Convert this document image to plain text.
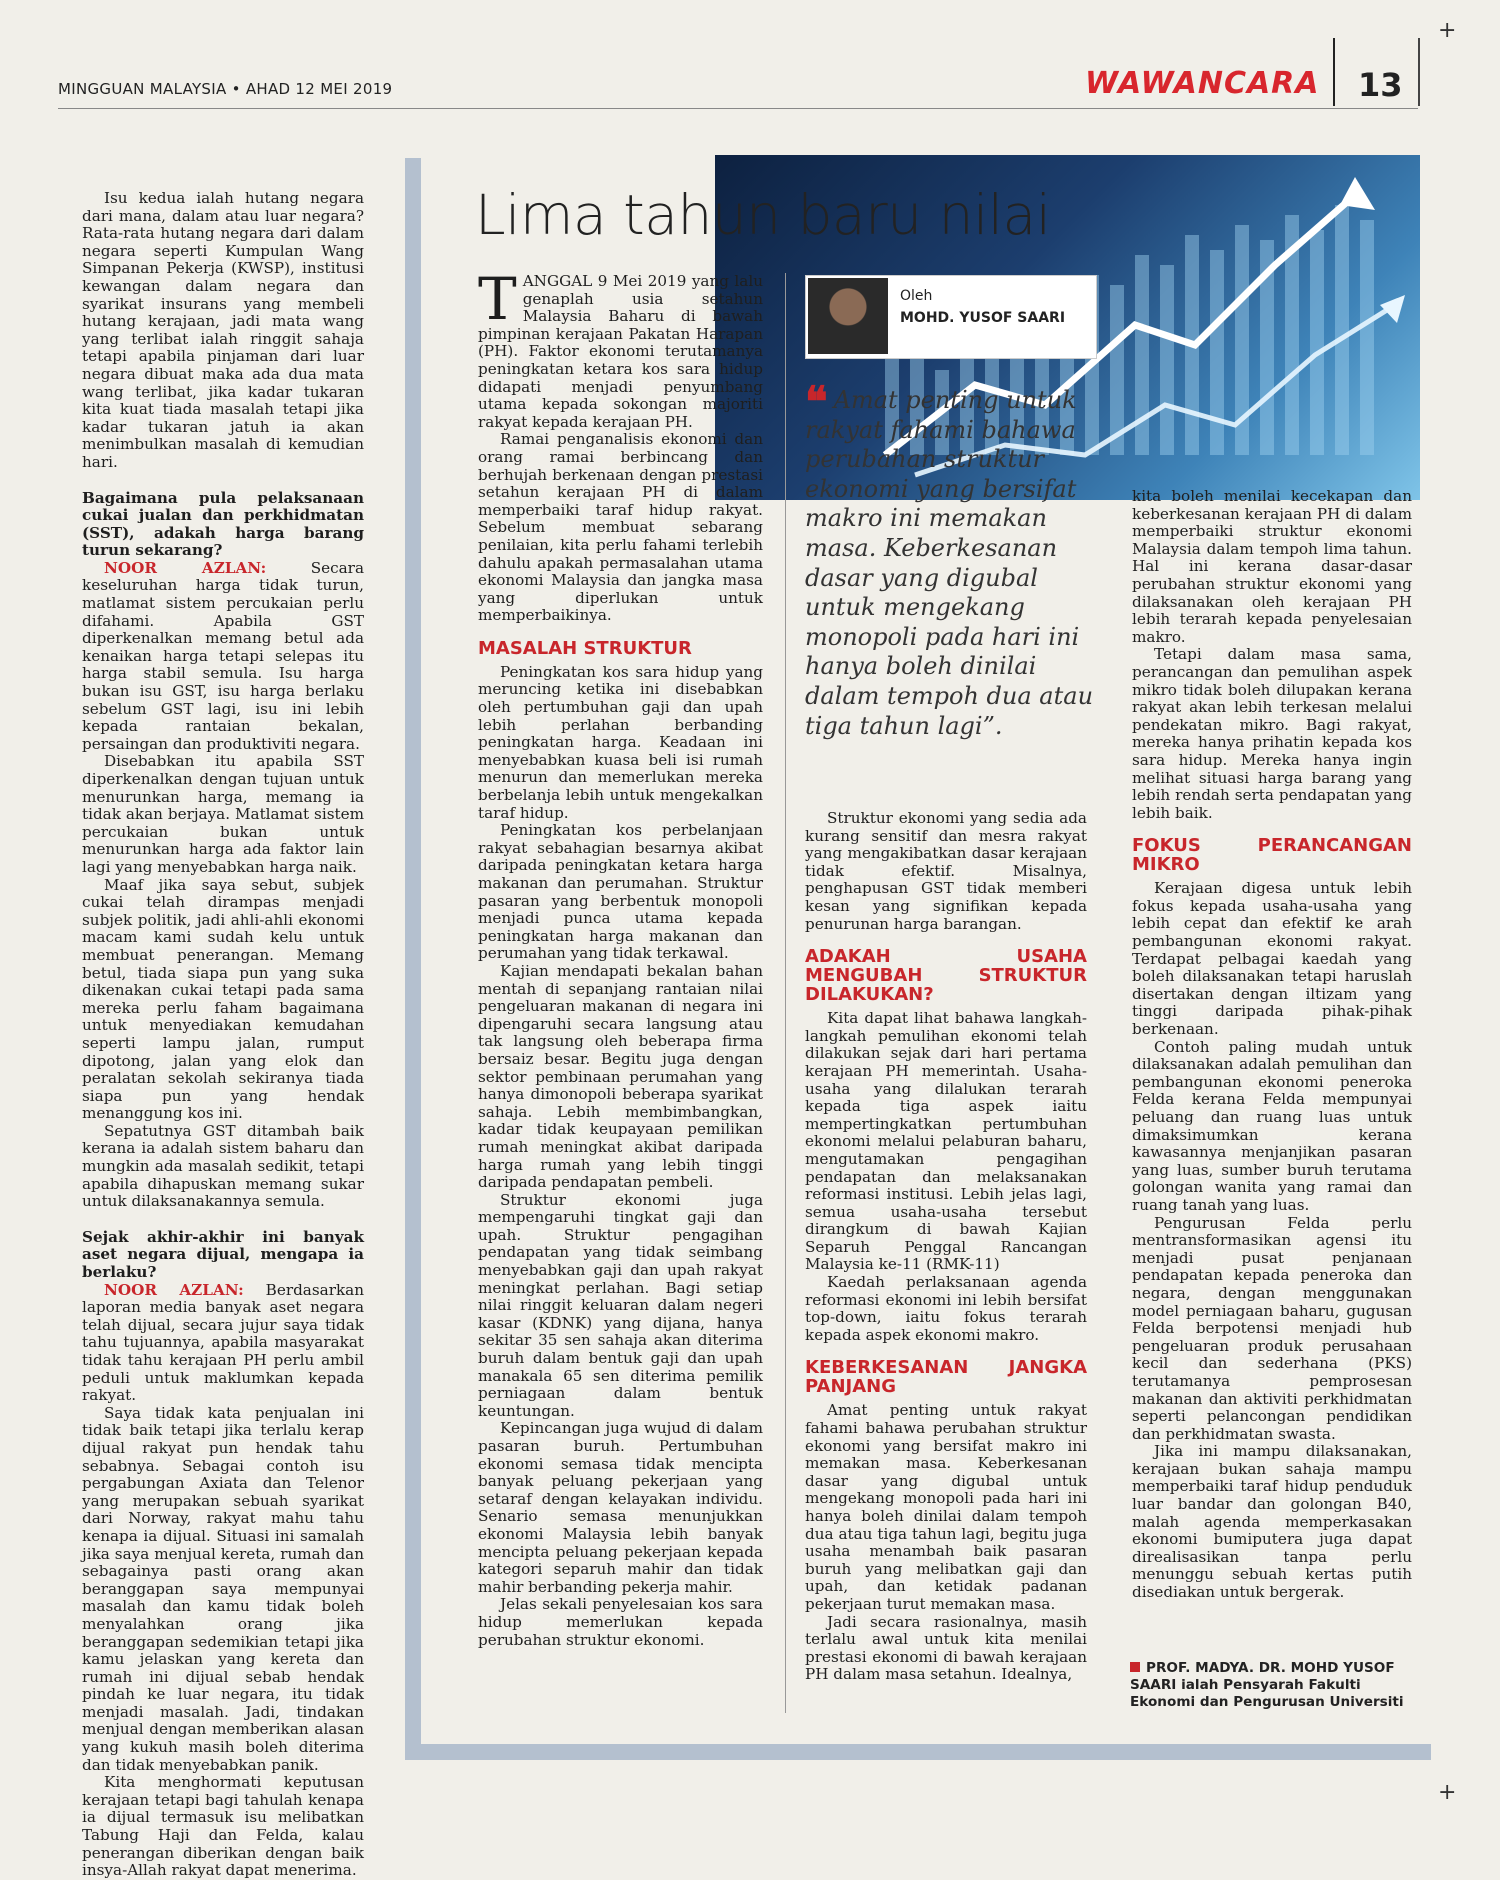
MINGGUAN MALAYSIA • AHAD 12 MEI 2019	WAWANCARA 13
+
+
Lima tahun baru nilai

Isu kedua ialah hutang negara dari mana, dalam atau luar negara? Rata-rata hutang negara dari dalam negara seperti Kumpulan Wang Simpanan Pekerja (KWSP), institusi kewangan dalam negara dan syarikat insurans yang membeli hutang kerajaan, jadi mata wang yang terlibat ialah ringgit sahaja tetapi apabila pinjaman dari luar negara dibuat maka ada dua mata wang terlibat, jika kadar tukaran kita kuat tiada masalah tetapi jika kadar tukaran jatuh ia akan menimbulkan masalah di kemudian hari.

Bagaimana pula pelaksanaan cukai jualan dan perkhidmatan (SST), adakah harga barang turun sekarang?

NOOR AZLAN:	Secara keseluruhan harga tidak turun, matlamat sistem percukaian perlu difahami. Apabila GST diperkenalkan memang betul ada kenaikan harga tetapi selepas itu harga stabil semula. Isu harga bukan isu GST, isu harga berlaku sebelum GST lagi, isu ini lebih kepada rantaian bekalan, persaingan dan produktiviti negara.

Disebabkan itu apabila SST diperkenalkan dengan tujuan untuk menurunkan harga, memang ia tidak akan berjaya. Matlamat sistem percukaian bukan untuk menurunkan harga ada faktor lain lagi yang menyebabkan harga naik.

Maaf jika saya sebut, subjek cukai telah dirampas menjadi subjek politik, jadi ahli-ahli ekonomi macam kami sudah kelu untuk membuat penerangan. Memang betul, tiada siapa pun yang suka dikenakan cukai tetapi pada sama mereka perlu faham bagaimana untuk menyediakan kemudahan seperti lampu jalan, rumput dipotong, jalan yang elok dan peralatan sekolah sekiranya tiada siapa pun yang hendak menanggung kos ini.

Sepatutnya GST ditambah baik kerana ia adalah sistem baharu dan mungkin ada masalah sedikit, tetapi apabila dihapuskan memang sukar untuk dilaksanakannya semula.

Sejak akhir-akhir ini banyak aset negara dijual, mengapa ia berlaku?

NOOR AZLAN: Berdasarkan laporan media banyak aset negara telah dijual, secara jujur saya tidak tahu tujuannya, apabila masyarakat tidak tahu kerajaan PH perlu ambil peduli untuk maklumkan kepada rakyat.

Saya tidak kata penjualan ini tidak baik tetapi jika terlalu kerap dijual rakyat pun hendak tahu sebabnya. Sebagai contoh isu pergabungan Axiata dan Telenor yang merupakan sebuah syarikat dari Norway, rakyat mahu tahu kenapa ia dijual. Situasi ini samalah jika saya menjual kereta, rumah dan sebagainya pasti orang akan beranggapan saya mempunyai masalah dan kamu tidak boleh menyalahkan orang jika beranggapan sedemikian tetapi jika kamu jelaskan yang kereta dan rumah ini dijual sebab hendak pindah ke luar negara, itu tidak menjadi masalah. Jadi, tindakan menjual dengan memberikan alasan yang kukuh masih boleh diterima dan tidak menyebabkan panik.

Kita menghormati keputusan kerajaan tetapi bagi tahulah kenapa ia dijual termasuk isu melibatkan Tabung Haji dan Felda, kalau penerangan diberikan dengan baik insya-Allah rakyat dapat menerima.

TANGGAL 9 Mei 2019 yang lalu genaplah usia setahun Malaysia Baharu di bawah pimpinan kerajaan Pakatan Harapan (PH). Faktor ekonomi terutamanya peningkatan ketara kos sara hidup didapati menjadi penyumbang utama kepada sokongan majoriti rakyat kepada kerajaan PH.

Ramai penganalisis ekonomi dan orang ramai berbincang dan berhujah berkenaan dengan prestasi setahun kerajaan PH di dalam memperbaiki taraf hidup rakyat. Sebelum membuat sebarang penilaian, kita perlu fahami terlebih dahulu apakah permasalahan utama ekonomi Malaysia dan jangka masa yang diperlukan untuk memperbaikinya.

MASALAH STRUKTUR

Peningkatan kos sara hidup yang meruncing ketika ini disebabkan oleh pertumbuhan gaji dan upah lebih perlahan berbanding peningkatan harga. Keadaan ini menyebabkan kuasa beli isi rumah menurun dan memerlukan mereka berbelanja lebih untuk mengekalkan taraf hidup.

Peningkatan kos perbelanjaan rakyat sebahagian besarnya akibat daripada peningkatan ketara harga makanan dan perumahan. Struktur pasaran yang berbentuk monopoli menjadi punca utama kepada peningkatan harga makanan dan perumahan yang tidak terkawal.

Kajian mendapati bekalan bahan mentah di sepanjang rantaian nilai pengeluaran makanan di negara ini dipengaruhi secara langsung atau tak langsung oleh beberapa firma bersaiz besar. Begitu juga dengan sektor pembinaan perumahan yang hanya dimonopoli beberapa syarikat sahaja. Lebih membimbangkan, kadar tidak keupayaan pemilikan rumah meningkat akibat daripada harga rumah yang lebih tinggi daripada pendapatan pembeli.

Struktur ekonomi juga mempengaruhi tingkat gaji dan upah. Struktur pengagihan pendapatan yang tidak seimbang menyebabkan gaji dan upah rakyat meningkat perlahan. Bagi setiap nilai ringgit keluaran dalam negeri kasar (KDNK) yang dijana, hanya sekitar 35 sen sahaja akan diterima buruh dalam bentuk gaji dan upah manakala 65 sen diterima pemilik perniagaan dalam bentuk keuntungan.

Kepincangan juga wujud di dalam pasaran buruh. Pertumbuhan ekonomi semasa tidak mencipta banyak peluang pekerjaan yang setaraf dengan kelayakan individu. Senario semasa menunjukkan ekonomi Malaysia lebih banyak mencipta peluang pekerjaan kepada kategori separuh mahir dan tidak mahir berbanding pekerja mahir.

Jelas sekali penyelesaian kos sara hidup memerlukan kepada perubahan struktur ekonomi.

Oleh
MOHD. YUSOF SAARI
❝ Amat penting untuk rakyat fahami bahawa perubahan struktur ekonomi yang bersifat makro ini memakan masa. Keberkesanan dasar yang digubal untuk mengekang monopoli pada hari ini hanya boleh dinilai dalam tempoh dua atau tiga tahun lagi”.

Struktur ekonomi yang sedia ada kurang sensitif dan mesra rakyat yang mengakibatkan dasar kerajaan tidak efektif. Misalnya, penghapusan GST tidak memberi kesan yang signifikan kepada penurunan harga barangan.

ADAKAH USAHA MENGUBAH STRUKTUR DILAKUKAN?

Kita dapat lihat bahawa langkah-langkah pemulihan ekonomi telah dilakukan sejak dari hari pertama kerajaan PH memerintah. Usaha-usaha yang dilalukan terarah kepada tiga aspek iaitu mempertingkatkan pertumbuhan ekonomi melalui pelaburan baharu, mengutamakan pengagihan pendapatan dan melaksanakan reformasi institusi. Lebih jelas lagi, semua usaha-usaha tersebut dirangkum di bawah Kajian Separuh Penggal Rancangan Malaysia ke-11 (RMK-11)

Kaedah perlaksanaan agenda reformasi ekonomi ini lebih bersifat top-down, iaitu fokus terarah kepada aspek ekonomi makro.

KEBERKESANAN JANGKA PANJANG

Amat penting untuk rakyat fahami bahawa perubahan struktur ekonomi yang bersifat makro ini memakan masa. Keberkesanan dasar yang digubal untuk mengekang monopoli pada hari ini hanya boleh dinilai dalam tempoh dua atau tiga tahun lagi, begitu juga usaha menambah baik pasaran buruh yang melibatkan gaji dan upah, dan ketidak padanan pekerjaan turut memakan masa.

Jadi secara rasionalnya, masih terlalu awal untuk kita menilai prestasi ekonomi di bawah kerajaan PH dalam masa setahun. Idealnya,

kita boleh menilai kecekapan dan keberkesanan kerajaan PH di dalam memperbaiki struktur ekonomi Malaysia dalam tempoh lima tahun. Hal ini kerana dasar-dasar perubahan struktur ekonomi yang dilaksanakan oleh kerajaan PH lebih terarah kepada penyelesaian makro.

Tetapi dalam masa sama, perancangan dan pemulihan aspek mikro tidak boleh dilupakan kerana rakyat akan lebih terkesan melalui pendekatan mikro. Bagi rakyat, mereka hanya prihatin kepada kos sara hidup. Mereka hanya ingin melihat situasi harga barang yang lebih rendah serta pendapatan yang lebih baik.

FOKUS PERANCANGAN MIKRO

Kerajaan digesa untuk lebih fokus kepada usaha-usaha yang lebih cepat dan efektif ke arah pembangunan ekonomi rakyat. Terdapat pelbagai kaedah yang boleh dilaksanakan tetapi haruslah disertakan dengan iltizam yang tinggi daripada pihak-pihak berkenaan.

Contoh paling mudah untuk dilaksanakan adalah pemulihan dan pembangunan ekonomi peneroka Felda kerana Felda mempunyai peluang dan ruang luas untuk dimaksimumkan kerana kawasannya menjanjikan pasaran yang luas, sumber buruh terutama golongan wanita yang ramai dan ruang tanah yang luas.

Pengurusan Felda perlu mentransformasikan agensi itu menjadi pusat penjanaan pendapatan kepada peneroka dan negara, dengan menggunakan model perniagaan baharu, gugusan Felda berpotensi menjadi hub pengeluaran produk perusahaan kecil dan sederhana (PKS) terutamanya pemprosesan makanan dan aktiviti perkhidmatan seperti pelancongan pendidikan dan perkhidmatan swasta.

Jika ini mampu dilaksanakan, kerajaan bukan sahaja mampu memperbaiki taraf hidup penduduk luar bandar dan golongan B40, malah agenda memperkasakan ekonomi bumiputera juga dapat direalisasikan tanpa perlu menunggu sebuah kertas putih disediakan untuk bergerak.

PROF. MADYA. DR. MOHD YUSOF SAARI ialah Pensyarah Fakulti Ekonomi dan Pengurusan Universiti
